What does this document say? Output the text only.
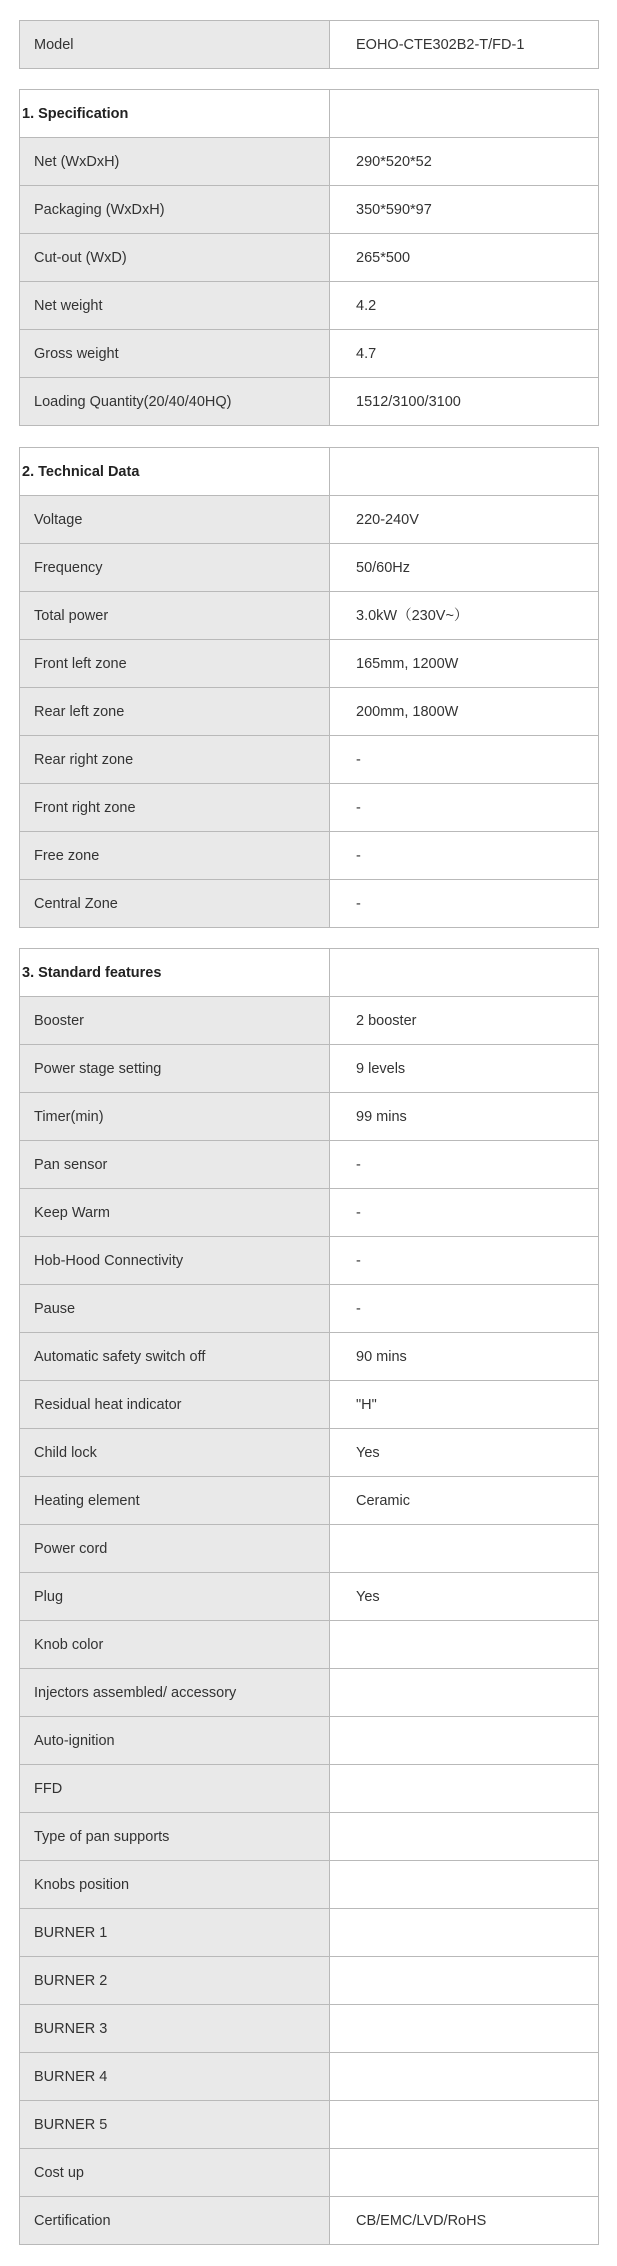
Model	EOHO-CTE302B2-T/FD-1
1. Specification	
Net (WxDxH)	290*520*52
Packaging (WxDxH)	350*590*97
Cut-out (WxD)	265*500
Net weight	4.2
Gross weight	4.7
Loading Quantity(20/40/40HQ)	1512/3100/3100
2. Technical Data	
Voltage	220-240V
Frequency	50/60Hz
Total power	3.0kW（230V~）
Front left zone	165mm, 1200W
Rear left zone	200mm, 1800W
Rear right zone	-
Front right zone	-
Free zone	-
Central Zone	-
3. Standard features	
Booster	2 booster
Power stage setting	9 levels
Timer(min)	99 mins
Pan sensor	-
Keep Warm	-
Hob-Hood Connectivity	-
Pause	-
Automatic safety switch off	90 mins
Residual heat indicator	"H"
Child lock	Yes
Heating element	Ceramic
Power cord	
Plug	Yes
Knob color	
Injectors assembled/ accessory	
Auto-ignition	
FFD	
Type of pan supports	
Knobs position	
BURNER 1	
BURNER 2	
BURNER 3	
BURNER 4	
BURNER 5	
Cost up	
Certification	CB/EMC/LVD/RoHS
